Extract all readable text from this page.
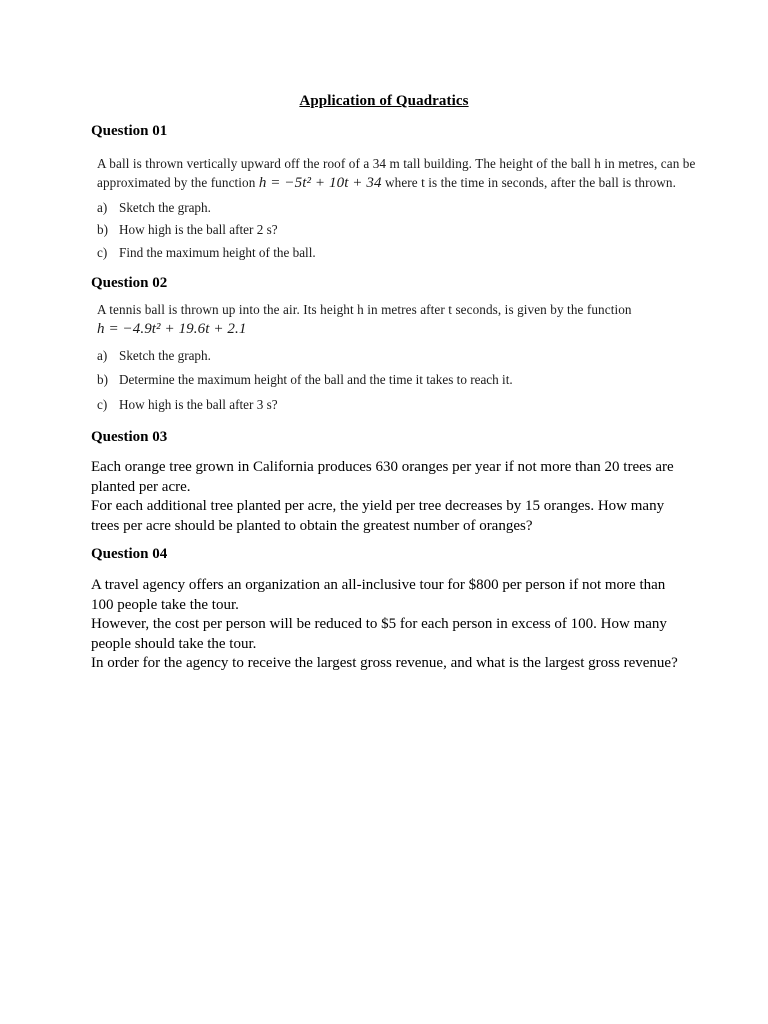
Application of Quadratics
Question 01
A ball is thrown vertically upward off the roof of a 34 m tall building. The height of the ball h in metres, can be
approximated by the function h = −5t² + 10t + 34 where t is the time in seconds, after the ball is thrown.
a) Sketch the graph.
b) How high is the ball after 2 s?
c) Find the maximum height of the ball.
Question 02
A tennis ball is thrown up into the air. Its height h in metres after t seconds, is given by the function
h = −4.9t² + 19.6t + 2.1
a) Sketch the graph.
b) Determine the maximum height of the ball and the time it takes to reach it.
c) How high is the ball after 3 s?
Question 03

Each orange tree grown in California produces 630 oranges per year if not more than 20 trees are planted per acre.

For each additional tree planted per acre, the yield per tree decreases by 15 oranges. How many trees per acre should be planted to obtain the greatest number of oranges?

Question 04

A travel agency offers an organization an all-inclusive tour for $800 per person if not more than 100 people take the tour.

However, the cost per person will be reduced to $5 for each person in excess of 100. How many people should take the tour.

In order for the agency to receive the largest gross revenue, and what is the largest gross revenue?
